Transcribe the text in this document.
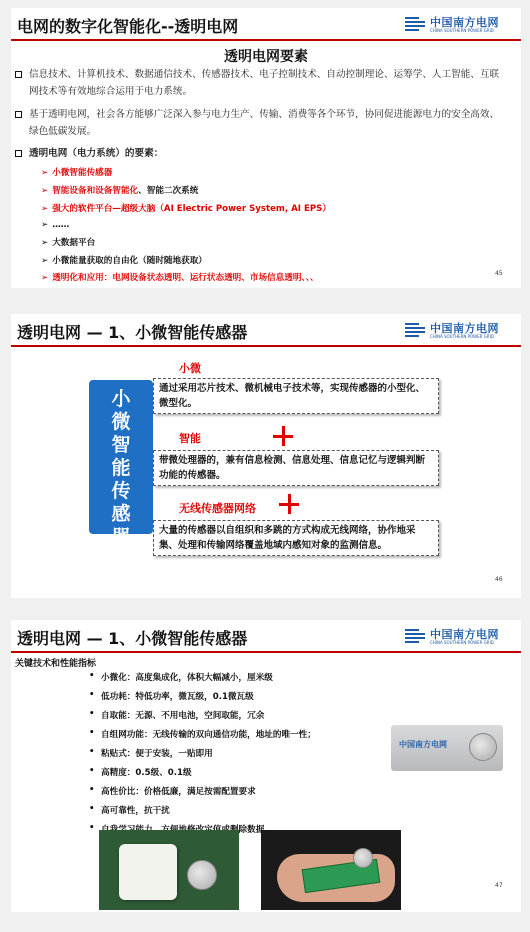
电网的数字化智能化--透明电网	中国南方电网
CHINA SOUTHERN POWER GRID
透明电网要素
信息技术、计算机技术、数据通信技术、传感器技术、电子控制技术、自动控制理论、运筹学、人工智能、互联网技术等有效地综合运用于电力系统。
基于透明电网，社会各方能够广泛深入参与电力生产、传输、消费等各个环节，协同促进能源电力的安全高效、绿色低碳发展。
透明电网（电力系统）的要素：
➢ 小微智能传感器
➢ 智能设备和设备智能化、智能二次系统
➢ 强大的软件平台—超级大脑（AI Electric Power System, AI EPS）
➢ ……
➢ 大数据平台
➢ 小微能量获取的自由化（随时随地获取）
➢ 透明化和应用：电网设备状态透明、运行状态透明、市场信息透明、、、	45
透明电网 — 1、小微智能传感器	中国南方电网
CHINA SOUTHERN POWER GRID
小
微
智
能
传
感
器
小微
通过采用芯片技术、微机械电子技术等，实现传感器的小型化、微型化。
智能
带微处理器的，兼有信息检测、信息处理、信息记忆与逻辑判断功能的传感器。
无线传感器网络
大量的传感器以自组织和多跳的方式构成无线网络，协作地采集、处理和传输网络覆盖地域内感知对象的监测信息。
46
透明电网 — 1、小微智能传感器	中国南方电网
CHINA SOUTHERN POWER GRID
关键技术和性能指标
• 小微化：高度集成化，体积大幅减小，厘米级
• 低功耗：特低功率，微瓦级，0.1微瓦级
• 自取能：无源、不用电池，空间取能，冗余
• 自组网功能：无线传输的双向通信功能，地址的唯一性；
• 粘贴式：便于安装，一贴即用
• 高精度：0.5级、0.1级
• 高性价比：价格低廉，满足按需配置要求
• 高可靠性，抗干扰
•
中国南方电网
47
